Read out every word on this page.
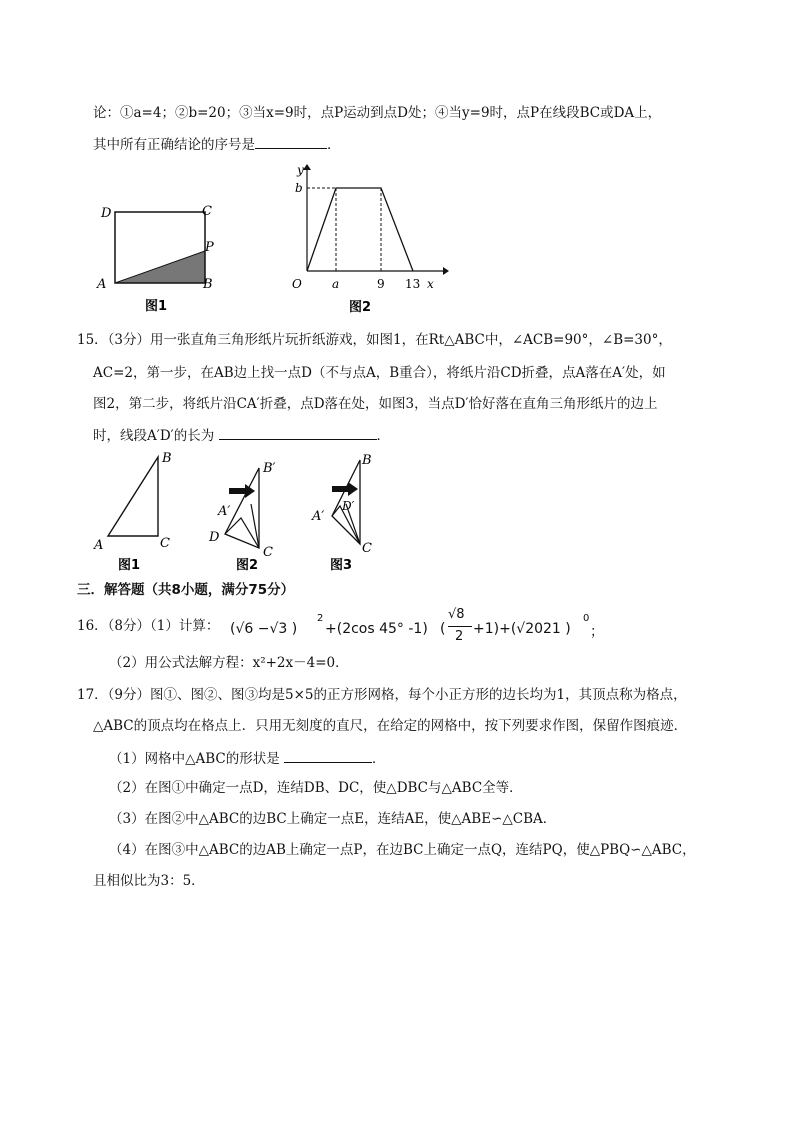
论：①a=4；②b=20；③当x=9时，点P运动到点D处；④当y=9时，点P在线段BC或DA上，
其中所有正确结论的序号是	．
D	C
P
A	B
图1
y
b
O	a	9 13 x
图2
15．（3分）用一张直角三角形纸片玩折纸游戏，如图1，在Rt△ABC中，∠ACB=90°，∠B=30°，
AC=2，第一步，在AB边上找一点D（不与点A，B重合），将纸片沿CD折叠，点A落在A′处，如
图2，第二步，将纸片沿CA′折叠，点D落在处，如图3，当点D′恰好落在直角三角形纸片的边上
时，线段A′D′的长为	．
B
A	C
图1
B′
A′
D
C
图2
B
A′
D′
C
图3
三．解答题（共8小题，满分75分）
16．（8分）（1）计算： (√6 −√3 )
2
+(2cos 45° -1) (
√8
2 +1)+(√2021 )
0
；
（2）用公式法解方程：x²+2x－4=0．
17．（9分）图①、图②、图③均是5×5的正方形网格，每个小正方形的边长均为1，其顶点称为格点，
△ABC的顶点均在格点上．只用无刻度的直尺，在给定的网格中，按下列要求作图，保留作图痕迹．
（1）网格中△ABC的形状是	．
（2）在图①中确定一点D，连结DB、DC，使△DBC与△ABC全等．
（3）在图②中△ABC的边BC上确定一点E，连结AE，使△ABE∽△CBA．
（4）在图③中△ABC的边AB上确定一点P，在边BC上确定一点Q，连结PQ，使△PBQ∽△ABC，
且相似比为3：5．
